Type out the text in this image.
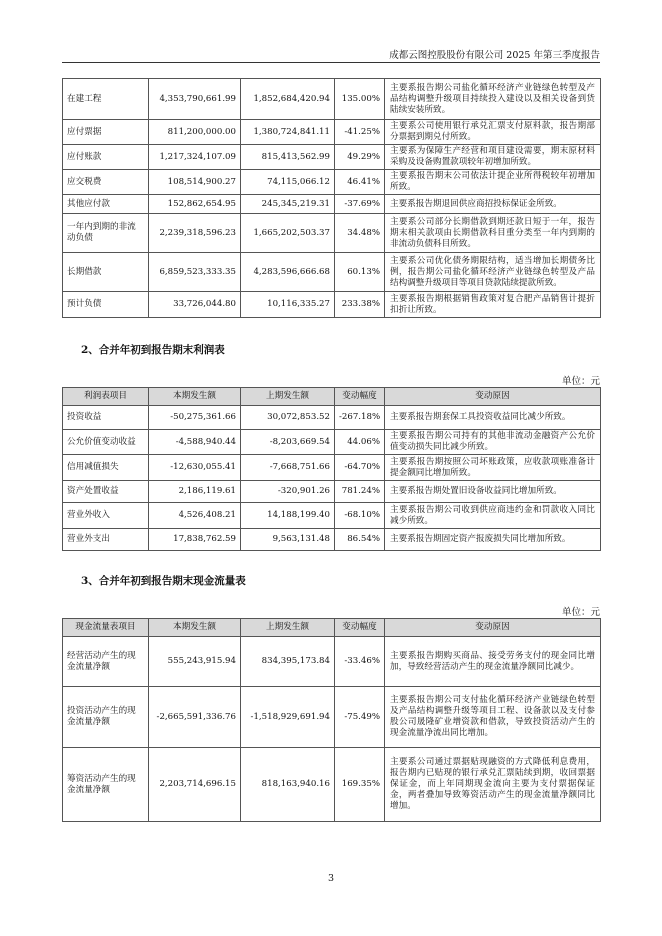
成都云图控股股份有限公司 2025 年第三季度报告
在建工程	4,353,790,661.99	1,852,684,420.94	135.00%	主要系报告期公司盐化循环经济产业链绿色转型及产品结构调整升级项目持续投入建设以及相关设备到货陆续安装所致。
应付票据	811,200,000.00	1,380,724,841.11	-41.25%	主要系公司使用银行承兑汇票支付原料款，报告期部分票据到期兑付所致。
应付账款	1,217,324,107.09	815,413,562.99	49.29%	主要系为保障生产经营和项目建设需要，期末原材料采购及设备购置款项较年初增加所致。
应交税费	108,514,900.27	74,115,066.12	46.41%	主要系报告期末公司依法计提企业所得税较年初增加所致。
其他应付款	152,862,654.95	245,345,219.31	-37.69%	主要系报告期退回供应商招投标保证金所致。
一年内到期的非流动负债	2,239,318,596.23	1,665,202,503.37	34.48%	主要系公司部分长期借款到期还款日短于一年，报告期末相关款项由长期借款科目重分类至一年内到期的非流动负债科目所致。
长期借款	6,859,523,333.35	4,283,596,666.68	60.13%	主要系公司优化债务期限结构，适当增加长期债务比例，报告期公司盐化循环经济产业链绿色转型及产品结构调整升级项目等项目贷款陆续提款所致。
预计负债	33,726,044.80	10,116,335.27	233.38%	主要系报告期根据销售政策对复合肥产品销售计提折扣折让所致。
2、合并年初到报告期末利润表
单位：元
利润表项目	本期发生额	上期发生额	变动幅度	变动原因
投资收益	-50,275,361.66	30,072,853.52	-267.18%	主要系报告期套保工具投资收益同比减少所致。
公允价值变动收益	-4,588,940.44	-8,203,669.54	44.06%	主要系报告期公司持有的其他非流动金融资产公允价值变动损失同比减少所致。
信用减值损失	-12,630,055.41	-7,668,751.66	-64.70%	主要系报告期按照公司坏账政策，应收款项账准备计提金额同比增加所致。
资产处置收益	2,186,119.61	-320,901.26	781.24%	主要系报告期处置旧设备收益同比增加所致。
营业外收入	4,526,408.21	14,188,199.40	-68.10%	主要系报告期公司收到供应商违约金和罚款收入同比减少所致。
营业外支出	17,838,762.59	9,563,131.48	86.54%	主要系报告期固定资产报废损失同比增加所致。
3、合并年初到报告期末现金流量表
单位：元
现金流量表项目	本期发生额	上期发生额	变动幅度	变动原因
经营活动产生的现金流量净额	555,243,915.94	834,395,173.84	-33.46%	主要系报告期购买商品、接受劳务支付的现金同比增加，导致经营活动产生的现金流量净额同比减少。
投资活动产生的现金流量净额	-2,665,591,336.76	-1,518,929,691.94	-75.49%	主要系报告期公司支付盐化循环经济产业链绿色转型及产品结构调整升级等项目工程、设备款以及支付参股公司晟隆矿业增资款和借款，导致投资活动产生的现金流量净流出同比增加。
筹资活动产生的现金流量净额	2,203,714,696.15	818,163,940.16	169.35%	主要系公司通过票据贴现融资的方式降低利息费用，报告期内已贴现的银行承兑汇票陆续到期，收回票据保证金，而上年同期现金流向主要为支付票据保证金，两者叠加导致筹资活动产生的现金流量净额同比增加。
3
